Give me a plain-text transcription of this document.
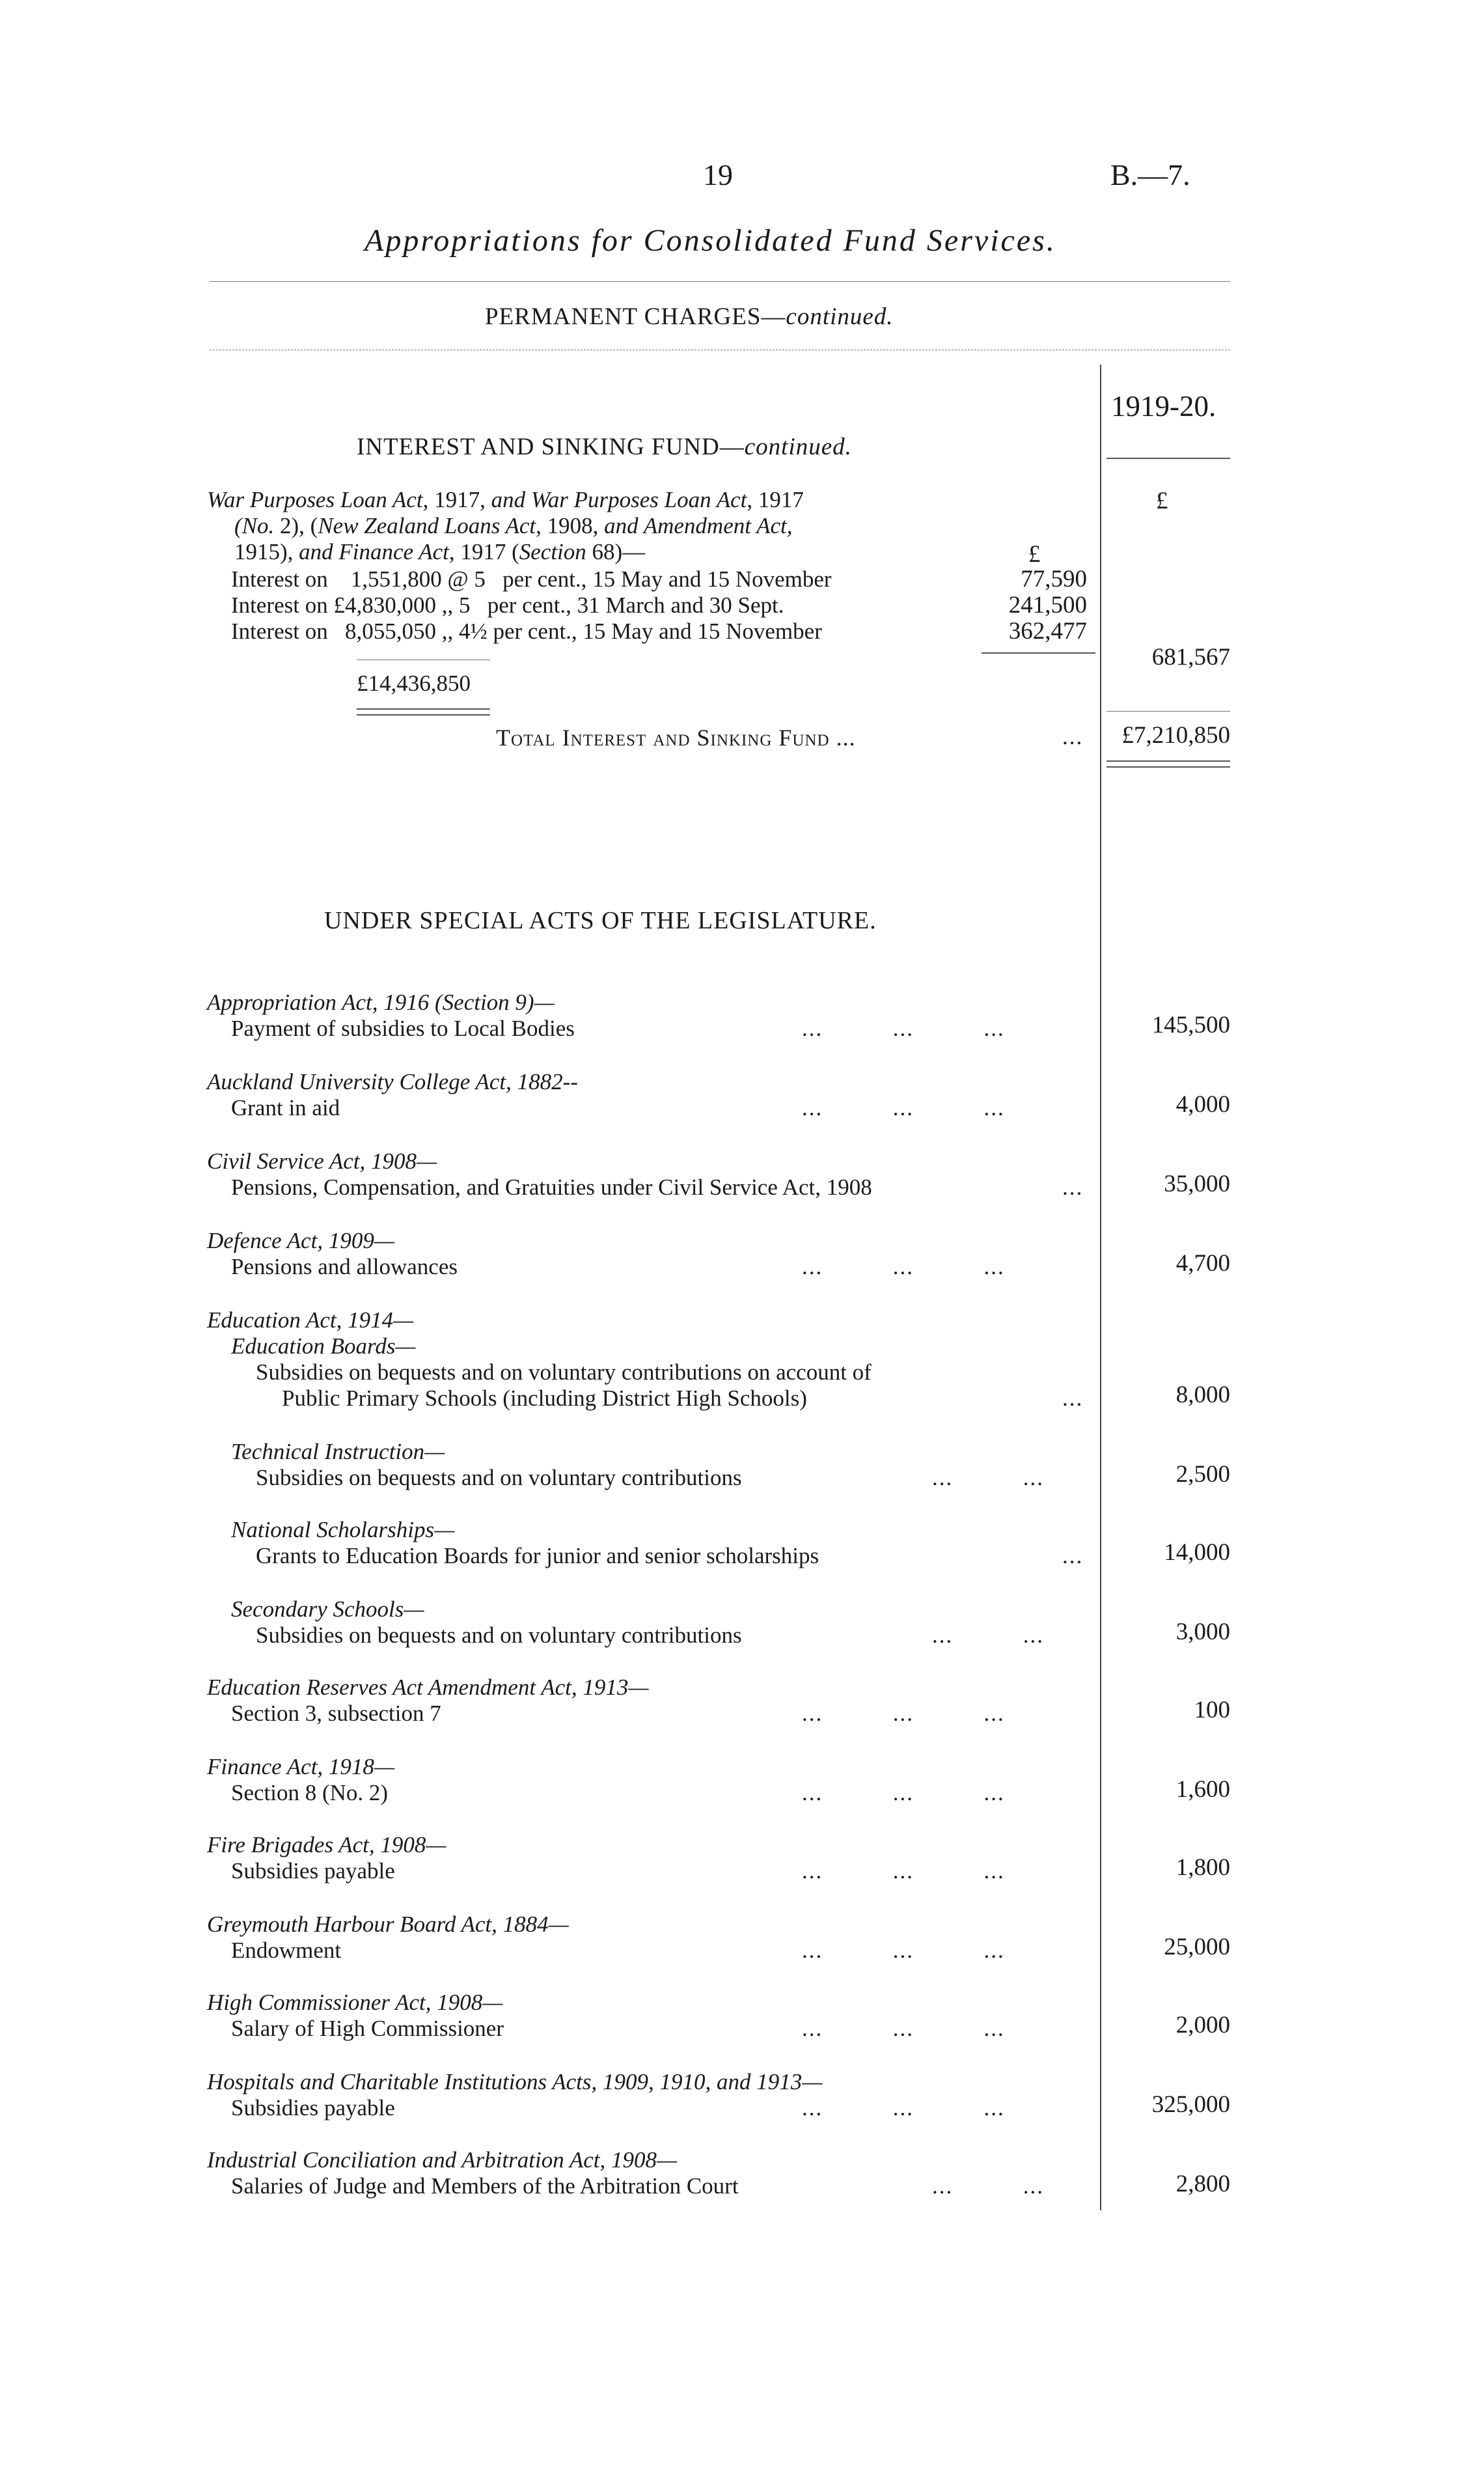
19	B.—7.
Appropriations for Consolidated Fund Services.
PERMANENT CHARGES—continued.
1919-20.
INTEREST AND SINKING FUND—continued.
War Purposes Loan Act, 1917, and War Purposes Loan Act, 1917
(No. 2), (New Zealand Loans Act, 1908, and Amendment Act,
1915), and Finance Act, 1917 (Section 68)—	£
£
Interest on    1,551,800 @ 5   per cent., 15 May and 15 November	77,590
Interest on £4,830,000 ,, 5   per cent., 31 March and 30 Sept.	241,500
Interest on   8,055,050 ,, 4½ per cent., 15 May and 15 November	362,477
681,567
£14,436,850
Total Interest and Sinking Fund ...	...	£7,210,850
UNDER SPECIAL ACTS OF THE LEGISLATURE.
Appropriation Act, 1916 (Section 9)—
Payment of subsidies to Local Bodies	...          ...          ...	145,500
Auckland University College Act, 1882--
Grant in aid	...          ...          ...	4,000
Civil Service Act, 1908—
Pensions, Compensation, and Gratuities under Civil Service Act, 1908	...	35,000
Defence Act, 1909—
Pensions and allowances	...          ...          ...	4,700
Education Act, 1914—
Education Boards—
Subsidies on bequests and on voluntary contributions on account of
Public Primary Schools (including District High Schools)	...	8,000
Technical Instruction—
Subsidies on bequests and on voluntary contributions	...          ...	2,500
National Scholarships—
Grants to Education Boards for junior and senior scholarships	...	14,000
Secondary Schools—
Subsidies on bequests and on voluntary contributions	...          ...	3,000
Education Reserves Act Amendment Act, 1913—
Section 3, subsection 7	...          ...          ...	100
Finance Act, 1918—
Section 8 (No. 2)	...          ...          ...	1,600
Fire Brigades Act, 1908—
Subsidies payable	...          ...          ...	1,800
Greymouth Harbour Board Act, 1884—
Endowment	...          ...          ...	25,000
High Commissioner Act, 1908—
Salary of High Commissioner	...          ...          ...	2,000
Hospitals and Charitable Institutions Acts, 1909, 1910, and 1913—
Subsidies payable	...          ...          ...	325,000
Industrial Conciliation and Arbitration Act, 1908—
Salaries of Judge and Members of the Arbitration Court	...          ...	2,800
